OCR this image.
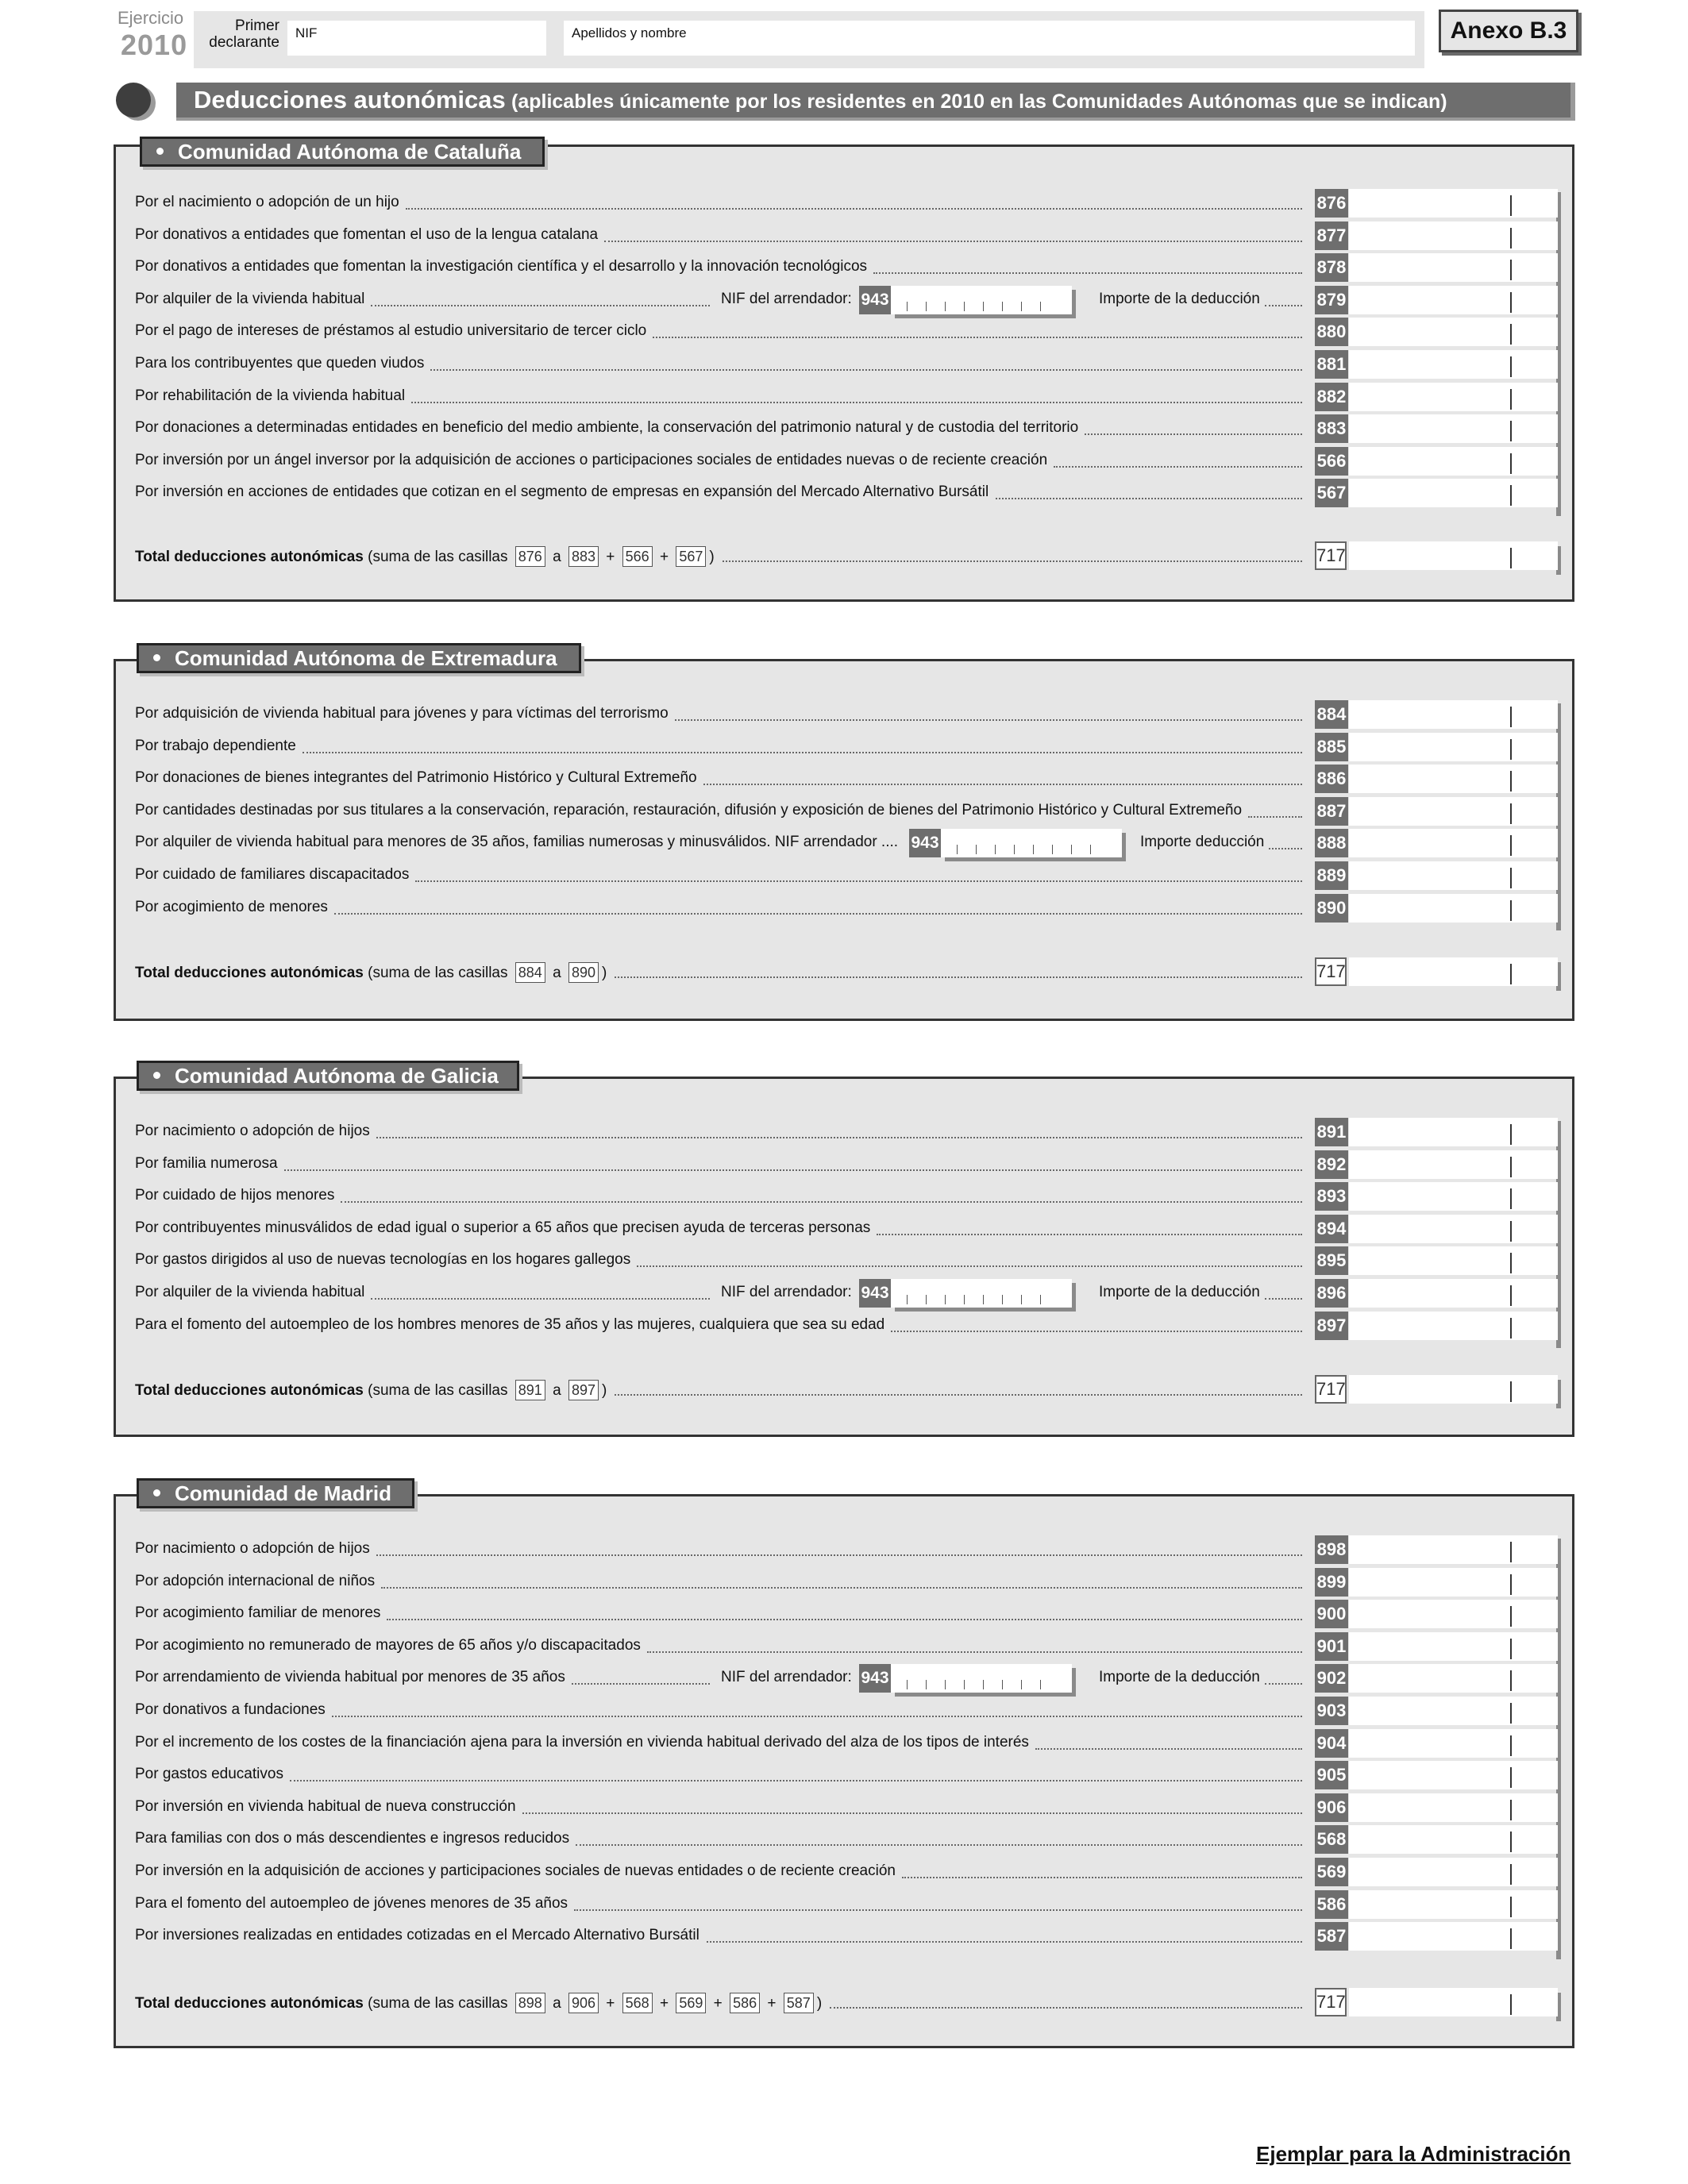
Ejercicio
2010
Primer declarante
NIF	Apellidos y nombre	Anexo B.3
Deducciones autonómicas (aplicables únicamente por los residentes en 2010 en las Comunidades Autónomas que se indican)
Comunidad Autónoma de Cataluña
Comunidad Autónoma de Extremadura
Comunidad Autónoma de Galicia
Comunidad de Madrid
Por el nacimiento o adopción de un hijo	876
Por donativos a entidades que fomentan el uso de la lengua catalana	877
Por donativos a entidades que fomentan la investigación científica y el desarrollo y la innovación tecnológicos	878
Por alquiler de la vivienda habitual	NIF del arrendador: 943	Importe de la deducción	879
Por el pago de intereses de préstamos al estudio universitario de tercer ciclo	880
Para los contribuyentes que queden viudos	881
Por rehabilitación de la vivienda habitual	882
Por donaciones a determinadas entidades en beneficio del medio ambiente, la conservación del patrimonio natural y de custodia del territorio	883
Por inversión por un ángel inversor por la adquisición de acciones o participaciones sociales de entidades nuevas o de reciente creación	566
Por inversión en acciones de entidades que cotizan en el segmento de empresas en expansión del Mercado Alternativo Bursátil	567
Total deducciones autonómicas (suma de las casillas 876 a 883 + 566 + 567 )	717
Por adquisición de vivienda habitual para jóvenes y para víctimas del terrorismo	884
Por trabajo dependiente	885
Por donaciones de bienes integrantes del Patrimonio Histórico y Cultural Extremeño	886
Por cantidades destinadas por sus titulares a la conservación, reparación, restauración, difusión y exposición de bienes del Patrimonio Histórico y Cultural Extremeño	887
Por alquiler de vivienda habitual para menores de 35 años, familias numerosas y minusválidos. NIF arrendador .... 943	Importe deducción	888
Por cuidado de familiares discapacitados	889
Por acogimiento de menores	890
Total deducciones autonómicas (suma de las casillas 884 a 890 )	717
Por nacimiento o adopción de hijos	891
Por familia numerosa	892
Por cuidado de hijos menores	893
Por contribuyentes minusválidos de edad igual o superior a 65 años que precisen ayuda de terceras personas	894
Por gastos dirigidos al uso de nuevas tecnologías en los hogares gallegos	895
Por alquiler de la vivienda habitual	NIF del arrendador: 943	Importe de la deducción	896
Para el fomento del autoempleo de los hombres menores de 35 años y las mujeres, cualquiera que sea su edad	897
Total deducciones autonómicas (suma de las casillas 891 a 897 )	717
Por nacimiento o adopción de hijos	898
Por adopción internacional de niños	899
Por acogimiento familiar de menores	900
Por acogimiento no remunerado de mayores de 65 años y/o discapacitados	901
Por arrendamiento de vivienda habitual por menores de 35 años	NIF del arrendador: 943	Importe de la deducción	902
Por donativos a fundaciones	903
Por el incremento de los costes de la financiación ajena para la inversión en vivienda habitual derivado del alza de los tipos de interés	904
Por gastos educativos	905
Por inversión en vivienda habitual de nueva construcción	906
Para familias con dos o más descendientes e ingresos reducidos	568
Por inversión en la adquisición de acciones y participaciones sociales de nuevas entidades o de reciente creación	569
Para el fomento del autoempleo de jóvenes menores de 35 años	586
Por inversiones realizadas en entidades cotizadas en el Mercado Alternativo Bursátil	587
Total deducciones autonómicas (suma de las casillas 898 a 906 + 568 + 569 + 586 + 587 )	717
Ejemplar para la Administración
